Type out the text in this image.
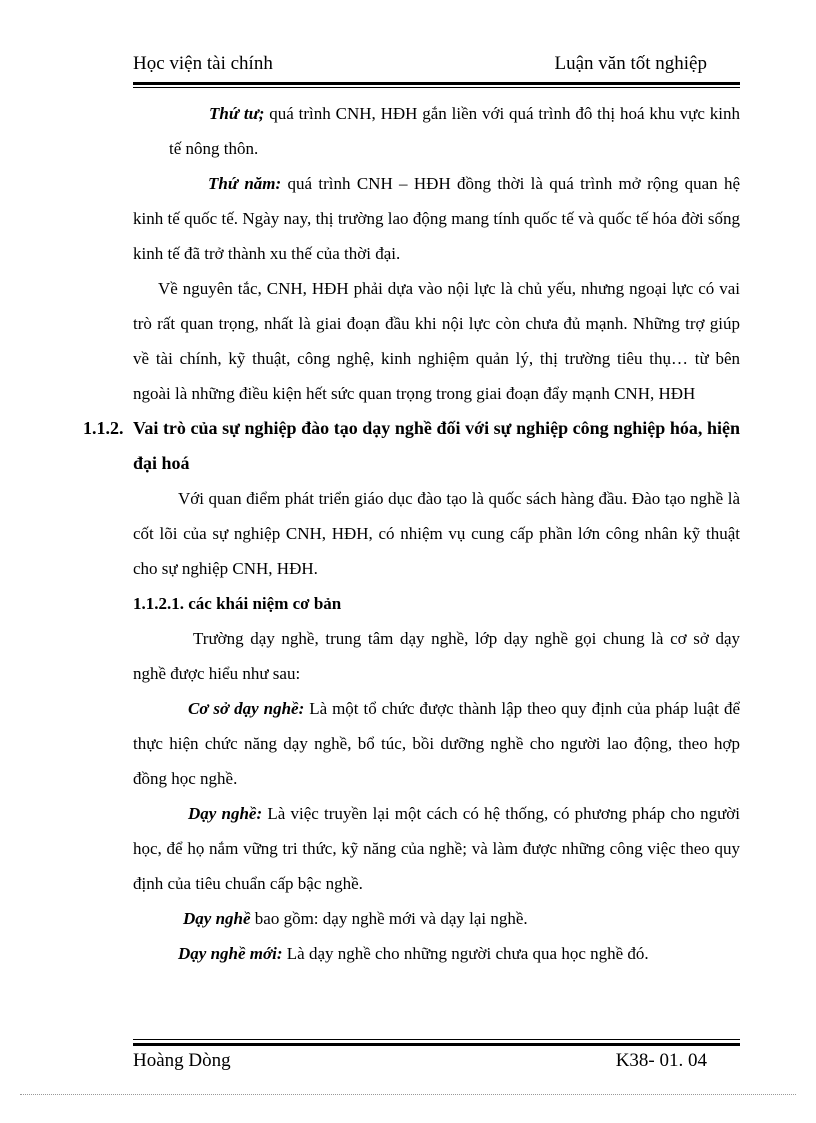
Học viện tài chính	Luận văn tốt nghiệp

Thứ tư; quá trình CNH, HĐH gắn liền với quá trình đô thị hoá khu vực kinh tế nông thôn.

Thứ năm: quá trình CNH – HĐH đồng thời là quá trình mở rộng quan hệ kinh tế quốc tế. Ngày nay, thị trường lao động mang tính quốc tế và quốc tế hóa đời sống kinh tế đã trở thành xu thế của thời đại.

Về nguyên tắc, CNH, HĐH phải dựa vào nội lực là chủ yếu, nhưng ngoại lực có vai trò rất quan trọng, nhất là giai đoạn đầu khi nội lực còn chưa đủ mạnh. Những trợ giúp về tài chính, kỹ thuật, công nghệ, kinh nghiệm quản lý, thị trường tiêu thụ… từ bên ngoài là những điều kiện hết sức quan trọng trong giai đoạn đẩy mạnh CNH, HĐH

1.1.2. Vai trò của sự nghiệp đào tạo dạy nghề đối với sự nghiệp công nghiệp hóa, hiện đại hoá

Với quan điểm phát triển giáo dục đào tạo là quốc sách hàng đầu. Đào tạo nghề là cốt lõi của sự nghiệp CNH, HĐH, có nhiệm vụ cung cấp phần lớn công nhân kỹ thuật cho sự nghiệp CNH, HĐH.

1.1.2.1. các khái niệm cơ bản

Trường dạy nghề, trung tâm dạy nghề, lớp dạy nghề gọi chung là cơ sở dạy nghề được hiểu như sau:

Cơ sở dạy nghề: Là một tổ chức được thành lập theo quy định của pháp luật để thực hiện chức năng dạy nghề, bổ túc, bồi dưỡng nghề cho người lao động, theo hợp đồng học nghề.

Dạy nghề: Là việc truyền lại một cách có hệ thống, có phương pháp cho người học, để họ nắm vững tri thức, kỹ năng của nghề; và làm được những công việc theo quy định của tiêu chuẩn cấp bậc nghề.

Dạy nghề bao gồm: dạy nghề mới và dạy lại nghề.

Dạy nghề mới: Là dạy nghề cho những người chưa qua học nghề đó.

Hoàng Dòng	K38- 01. 04
